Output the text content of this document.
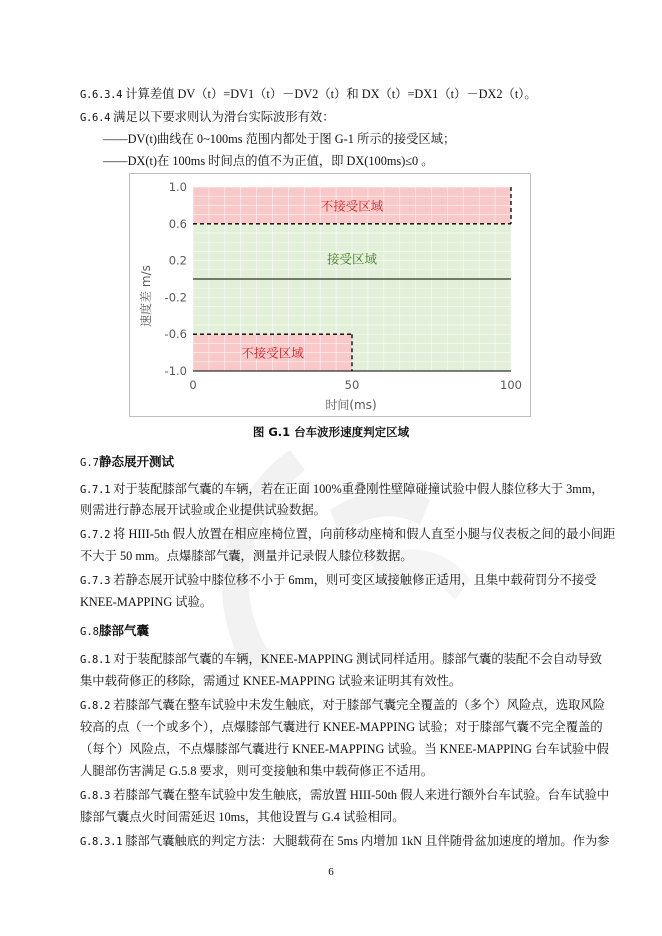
G.6.3.4 计算差值 DV（t）=DV1（t）－DV2（t）和 DX（t）=DX1（t）－DX2（t）。
G.6.4 满足以下要求则认为滑台实际波形有效：
——DV(t)曲线在 0~100ms 范围内都处于图 G-1 所示的接受区域；
——DX(t)在 100ms 时间点的值不为正值，即 DX(100ms)≤0 。
1.0
0.6
0.2
-0.2
-0.6
-1.0
0	50	100
不接受区域
接受区域
不接受区域
速度差 m/s
时间(ms)
图 G.1 台车波形速度判定区域
G.7静态展开测试
G.7.1 对于装配膝部气囊的车辆，若在正面 100%重叠刚性壁障碰撞试验中假人膝位移大于 3mm，
则需进行静态展开试验或企业提供试验数据。
G.7.2 将 HIII-5th 假人放置在相应座椅位置，向前移动座椅和假人直至小腿与仪表板之间的最小间距
不大于 50 mm。点爆膝部气囊，测量并记录假人膝位移数据。
G.7.3 若静态展开试验中膝位移不小于 6mm，则可变区域接触修正适用，且集中载荷罚分不接受
KNEE-MAPPING 试验。
G.8膝部气囊
G.8.1 对于装配膝部气囊的车辆，KNEE-MAPPING 测试同样适用。膝部气囊的装配不会自动导致
集中载荷修正的移除，需通过 KNEE-MAPPING 试验来证明其有效性。
G.8.2 若膝部气囊在整车试验中未发生触底，对于膝部气囊完全覆盖的（多个）风险点，选取风险
较高的点（一个或多个），点爆膝部气囊进行 KNEE-MAPPING 试验；对于膝部气囊不完全覆盖的
（每个）风险点，不点爆膝部气囊进行 KNEE-MAPPING 试验。当 KNEE-MAPPING 台车试验中假
人腿部伤害满足 G.5.8 要求，则可变接触和集中载荷修正不适用。
G.8.3 若膝部气囊在整车试验中发生触底，需放置 HIII-50th 假人来进行额外台车试验。台车试验中
膝部气囊点火时间需延迟 10ms，其他设置与 G.4 试验相同。
G.8.3.1 膝部气囊触底的判定方法：大腿载荷在 5ms 内增加 1kN 且伴随骨盆加速度的增加。作为参
6
